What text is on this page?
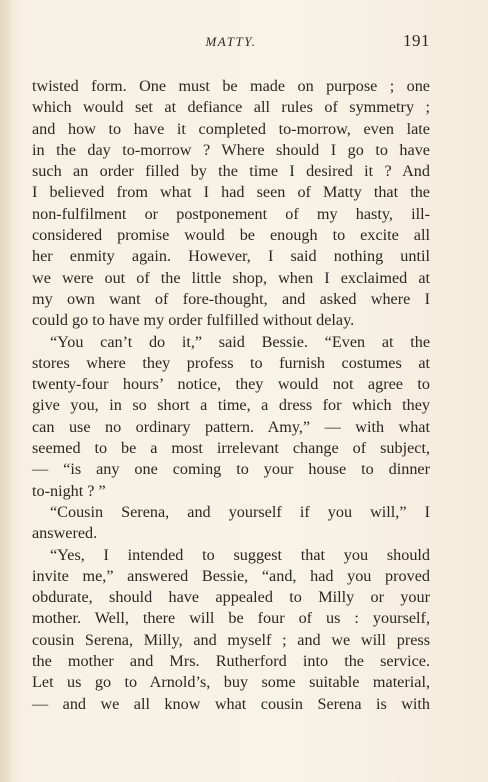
MATTY.	191
twisted form. One must be made on purpose ; one
which would set at defiance all rules of symmetry ;
and how to have it completed to-morrow, even late
in the day to-morrow ? Where should I go to have
such an order filled by the time I desired it ? And
I believed from what I had seen of Matty that the
non-fulfilment or postponement of my hasty, ill-
considered promise would be enough to excite all
her enmity again. However, I said nothing until
we were out of the little shop, when I exclaimed at
my own want of fore-thought, and asked where I
could go to have my order fulfilled without delay.
“You can’t do it,” said Bessie. “Even at the
stores where they profess to furnish costumes at
twenty-four hours’ notice, they would not agree to
give you, in so short a time, a dress for which they
can use no ordinary pattern. Amy,” — with what
seemed to be a most irrelevant change of subject,
— “is any one coming to your house to dinner
to-night ? ”
“Cousin Serena, and yourself if you will,” I
answered.
“Yes, I intended to suggest that you should
invite me,” answered Bessie, “and, had you proved
obdurate, should have appealed to Milly or your
mother. Well, there will be four of us : yourself,
cousin Serena, Milly, and myself ; and we will press
the mother and Mrs. Rutherford into the service.
Let us go to Arnold’s, buy some suitable material,
— and we all know what cousin Serena is with
